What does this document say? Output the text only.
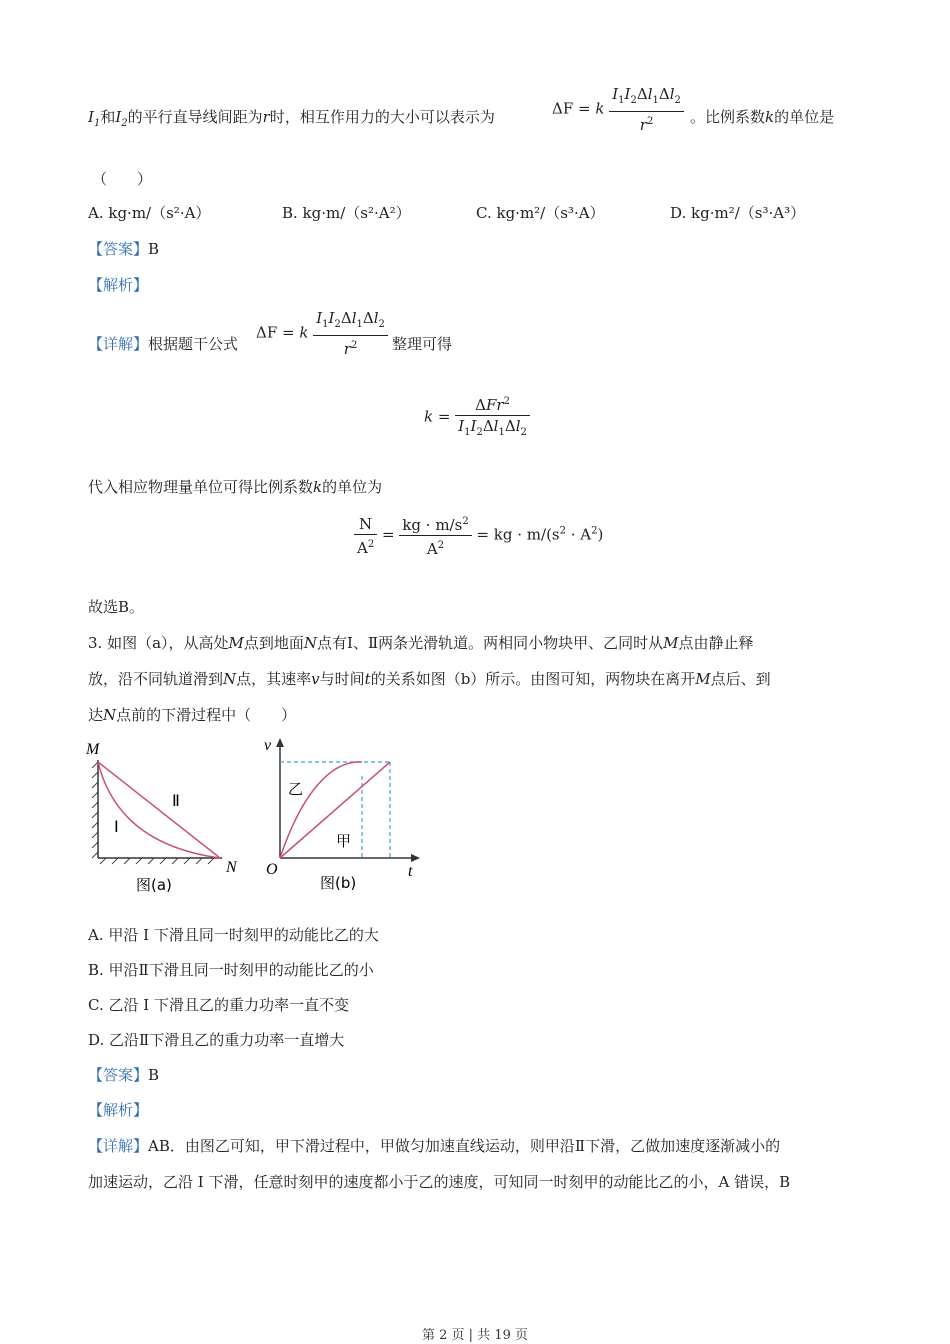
$I_1$和$I_2$的平行直导线间距为r时，相互作用力的大小可以表示为	ΔF = k $\frac{I_1I_2\Delta l_1\Delta l_2}{r^2}$ 。比例系数k的单位是
（　　）
A. kg·m/（s²·A）	B. kg·m/（s²·A²）	C. kg·m²/（s³·A）	D. kg·m²/（s³·A³）
【答案】B
【解析】
【详解】根据题干公式
ΔF = k $\frac{I_1I_2\Delta l_1\Delta l_2}{r^2}$ 整理可得
$k = \frac{\Delta Fr^2}{I_1I_2\Delta l_1\Delta l_2}$
代入相应物理量单位可得比例系数k的单位为
$\frac{N}{A^2} = \frac{kg \cdot m/s^2}{A^2}$ = kg · $m/(s^2 \cdot A^2)$
故选B。
3. 如图（a），从高处M点到地面N点有Ⅰ、Ⅱ两条光滑轨道。两相同小物块甲、乙同时从M点由静止释
放，沿不同轨道滑到N点，其速率v与时间t的关系如图（b）所示。由图可知，两物块在离开M点后、到
达N点前的下滑过程中（　　）
M
N
Ⅰ
Ⅱ
图(a)
v
t
O
乙
甲
图(b)
A. 甲沿 I 下滑且同一时刻甲的动能比乙的大
B. 甲沿Ⅱ下滑且同一时刻甲的动能比乙的小
C. 乙沿 I 下滑且乙的重力功率一直不变
D. 乙沿Ⅱ下滑且乙的重力功率一直增大
【答案】B
【解析】
【详解】AB．由图乙可知，甲下滑过程中，甲做匀加速直线运动，则甲沿Ⅱ下滑，乙做加速度逐渐减小的
加速运动，乙沿 I 下滑，任意时刻甲的速度都小于乙的速度，可知同一时刻甲的动能比乙的小，A 错误，B
第 2 页 | 共 19 页
